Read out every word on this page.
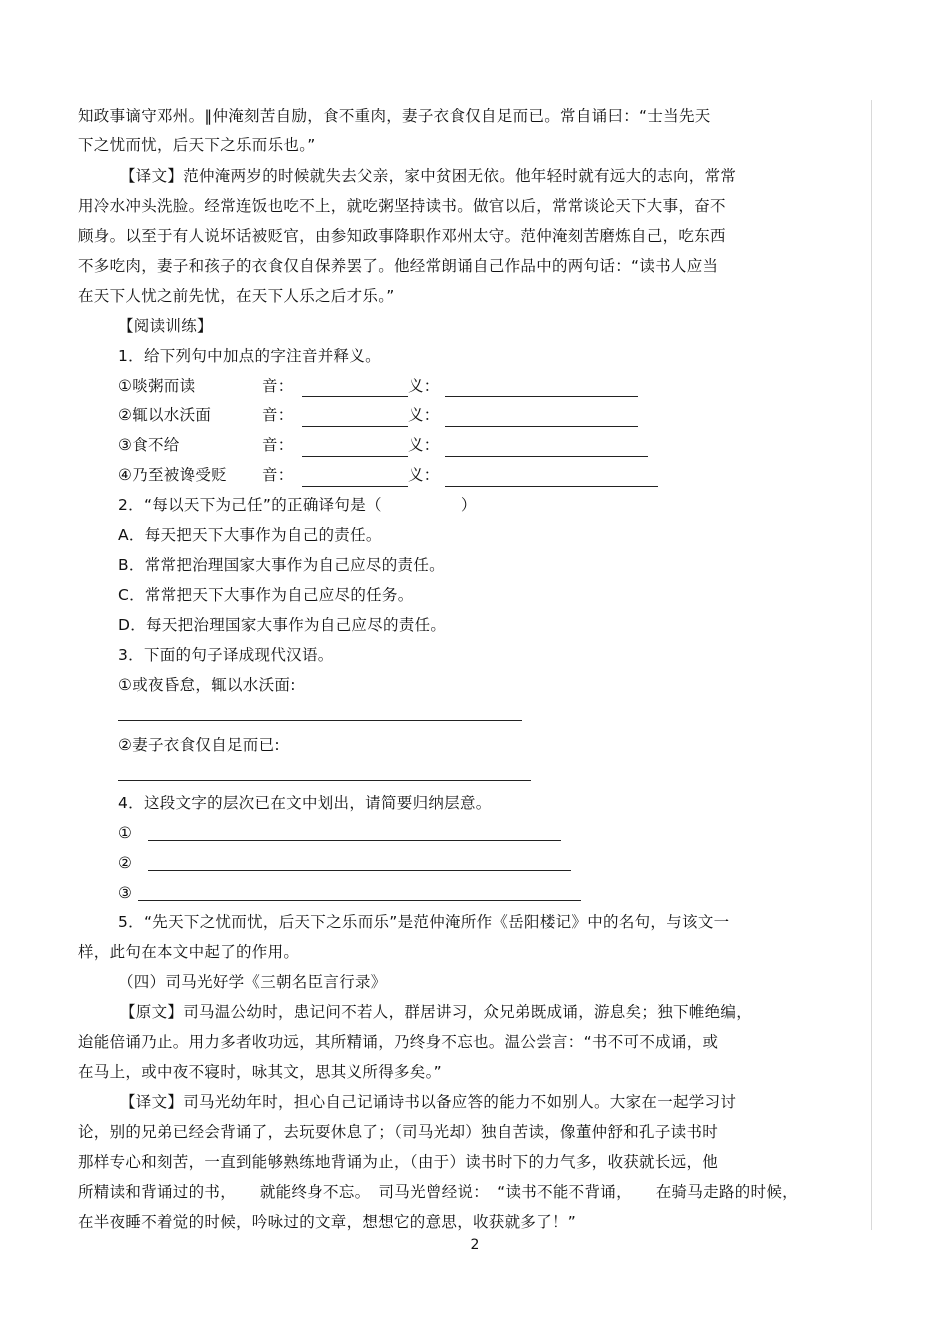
知政事谪守邓州。‖仲淹刻苦自励，食不重肉，妻子衣食仅自足而已。常自诵曰：“士当先天
下之忧而忧，后天下之乐而乐也。”
【译文】范仲淹两岁的时候就失去父亲，家中贫困无依。他年轻时就有远大的志向，常常
用冷水冲头洗脸。经常连饭也吃不上，就吃粥坚持读书。做官以后，常常谈论天下大事，奋不
顾身。以至于有人说坏话被贬官，由参知政事降职作邓州太守。范仲淹刻苦磨炼自己，吃东西
不多吃肉，妻子和孩子的衣食仅自保养罢了。他经常朗诵自己作品中的两句话：“读书人应当
在天下人忧之前先忧，在天下人乐之后才乐。”
【阅读训练】
1．给下列句中加点的字注音并释义。
①啖粥而读	音：	义：
②辄以水沃面	音：	义：
③食不给	音：	义：
④乃至被谗受贬 音：	义：
2．“每以天下为己任”的正确译句是（　　　　　）
A．每天把天下大事作为自己的责任。
B．常常把治理国家大事作为自己应尽的责任。
C．常常把天下大事作为自己应尽的任务。
D．每天把治理国家大事作为自己应尽的责任。
3．下面的句子译成现代汉语。
①或夜昏怠，辄以水沃面:
②妻子衣食仅自足而已:
4．这段文字的层次已在文中划出，请简要归纳层意。
①
②
③
5．“先天下之忧而忧，后天下之乐而乐”是范仲淹所作《岳阳楼记》中的名句，与该文一
样，此句在本文中起了的作用。
（四）司马光好学《三朝名臣言行录》
【原文】司马温公幼时，患记问不若人，群居讲习，众兄弟既成诵，游息矣；独下帷绝编，
迨能倍诵乃止。用力多者收功远，其所精诵，乃终身不忘也。温公尝言：“书不可不成诵，或
在马上，或中夜不寝时，咏其文，思其义所得多矣。”
【译文】司马光幼年时，担心自己记诵诗书以备应答的能力不如别人。大家在一起学习讨
论，别的兄弟已经会背诵了，去玩耍休息了；（司马光却）独自苦读，像董仲舒和孔子读书时
那样专心和刻苦，一直到能够熟练地背诵为止，（由于）读书时下的力气多，收获就长远，他
所精读和背诵过的书，　　就能终身不忘。　司马光曾经说：　“读书不能不背诵，　　在骑马走路的时候，
在半夜睡不着觉的时候，吟咏过的文章，想想它的意思，收获就多了！”
2
